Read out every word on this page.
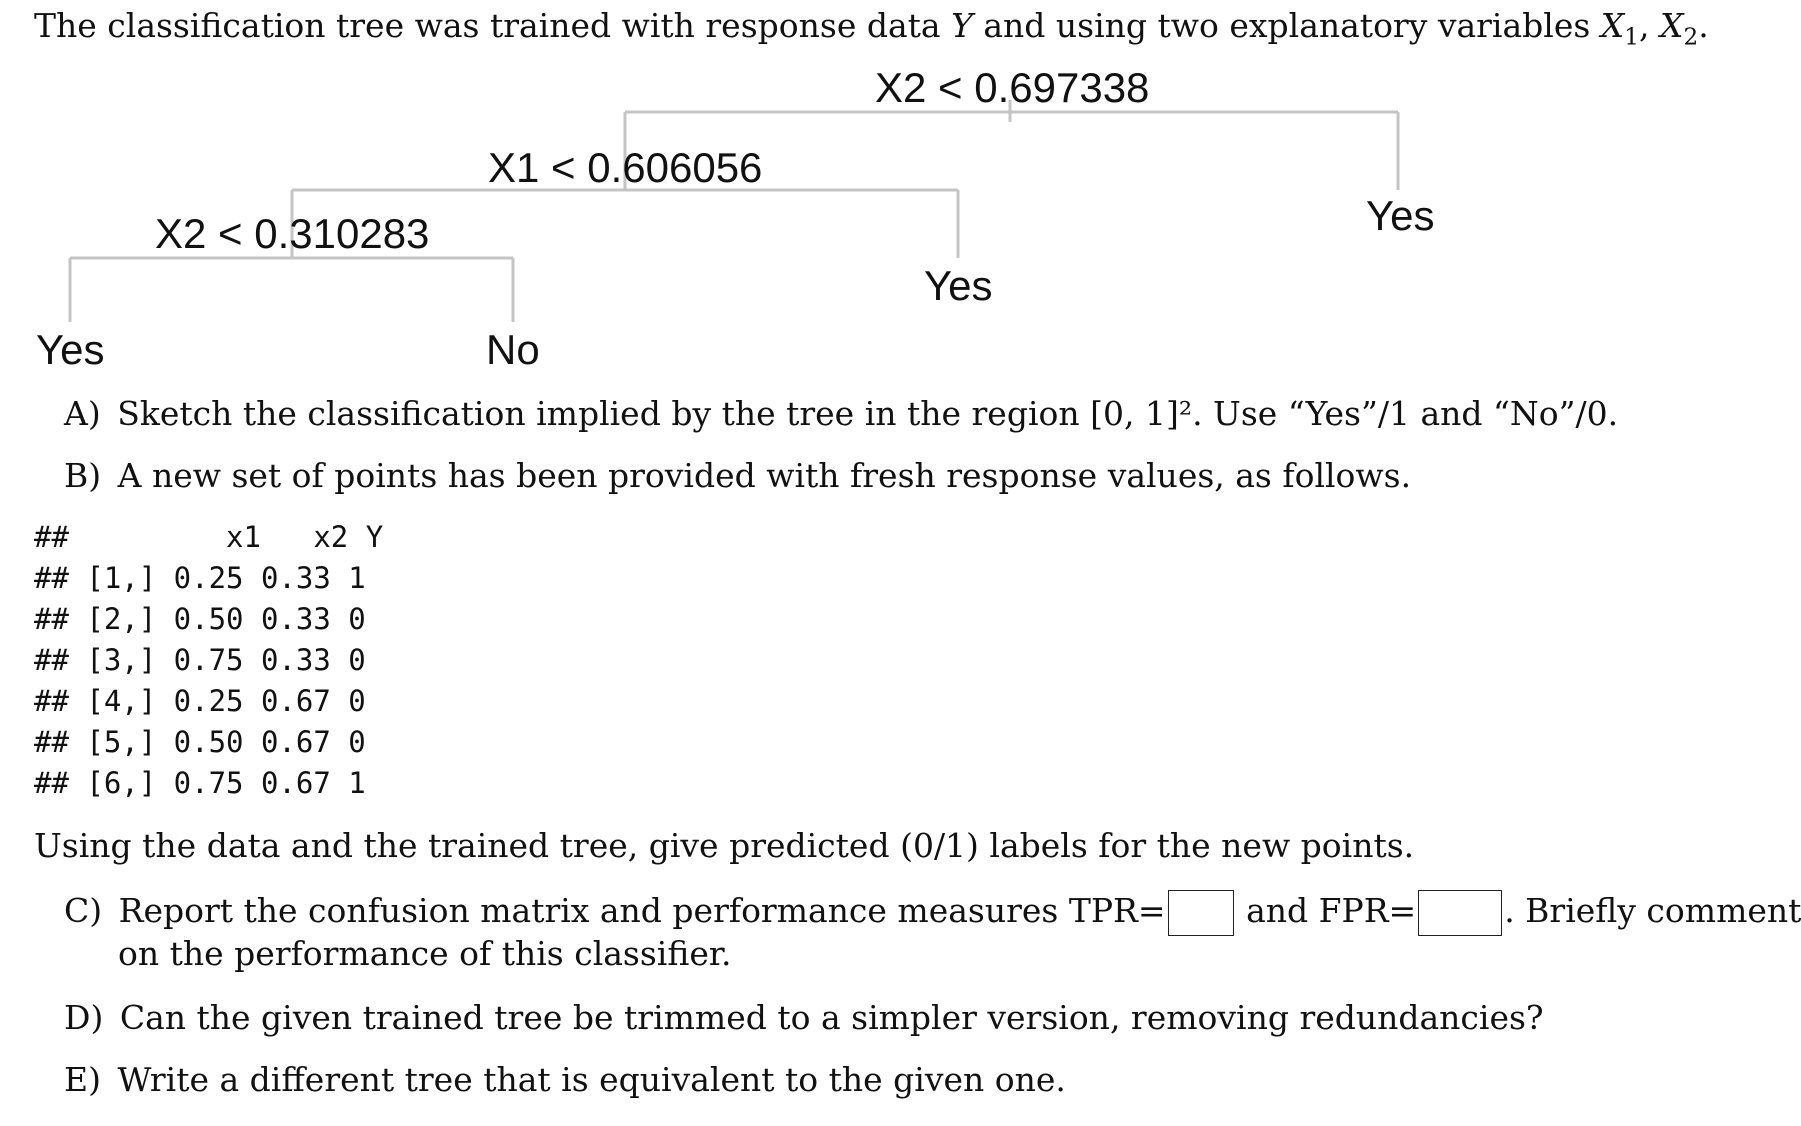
The classification tree was trained with response data Y and using two explanatory variables $X_1$, $X_2$.
X2 < 0.697338
X1 < 0.606056
X2 < 0.310283	Yes
Yes
Yes	No
A) Sketch the classification implied by the tree in the region [0, 1]². Use “Yes”/1 and “No”/0.
B) A new set of points has been provided with fresh response values, as follows.
##         x1   x2 Y
## [1,] 0.25 0.33 1
## [2,] 0.50 0.33 0
## [3,] 0.75 0.33 0
## [4,] 0.25 0.67 0
## [5,] 0.50 0.67 0
## [6,] 0.75 0.67 1
Using the data and the trained tree, give predicted (0/1) labels for the new points.
C) Report the confusion matrix and performance measures TPR= and FPR=	. Briefly comment
on the performance of this classifier.
D) Can the given trained tree be trimmed to a simpler version, removing redundancies?
E) Write a different tree that is equivalent to the given one.
